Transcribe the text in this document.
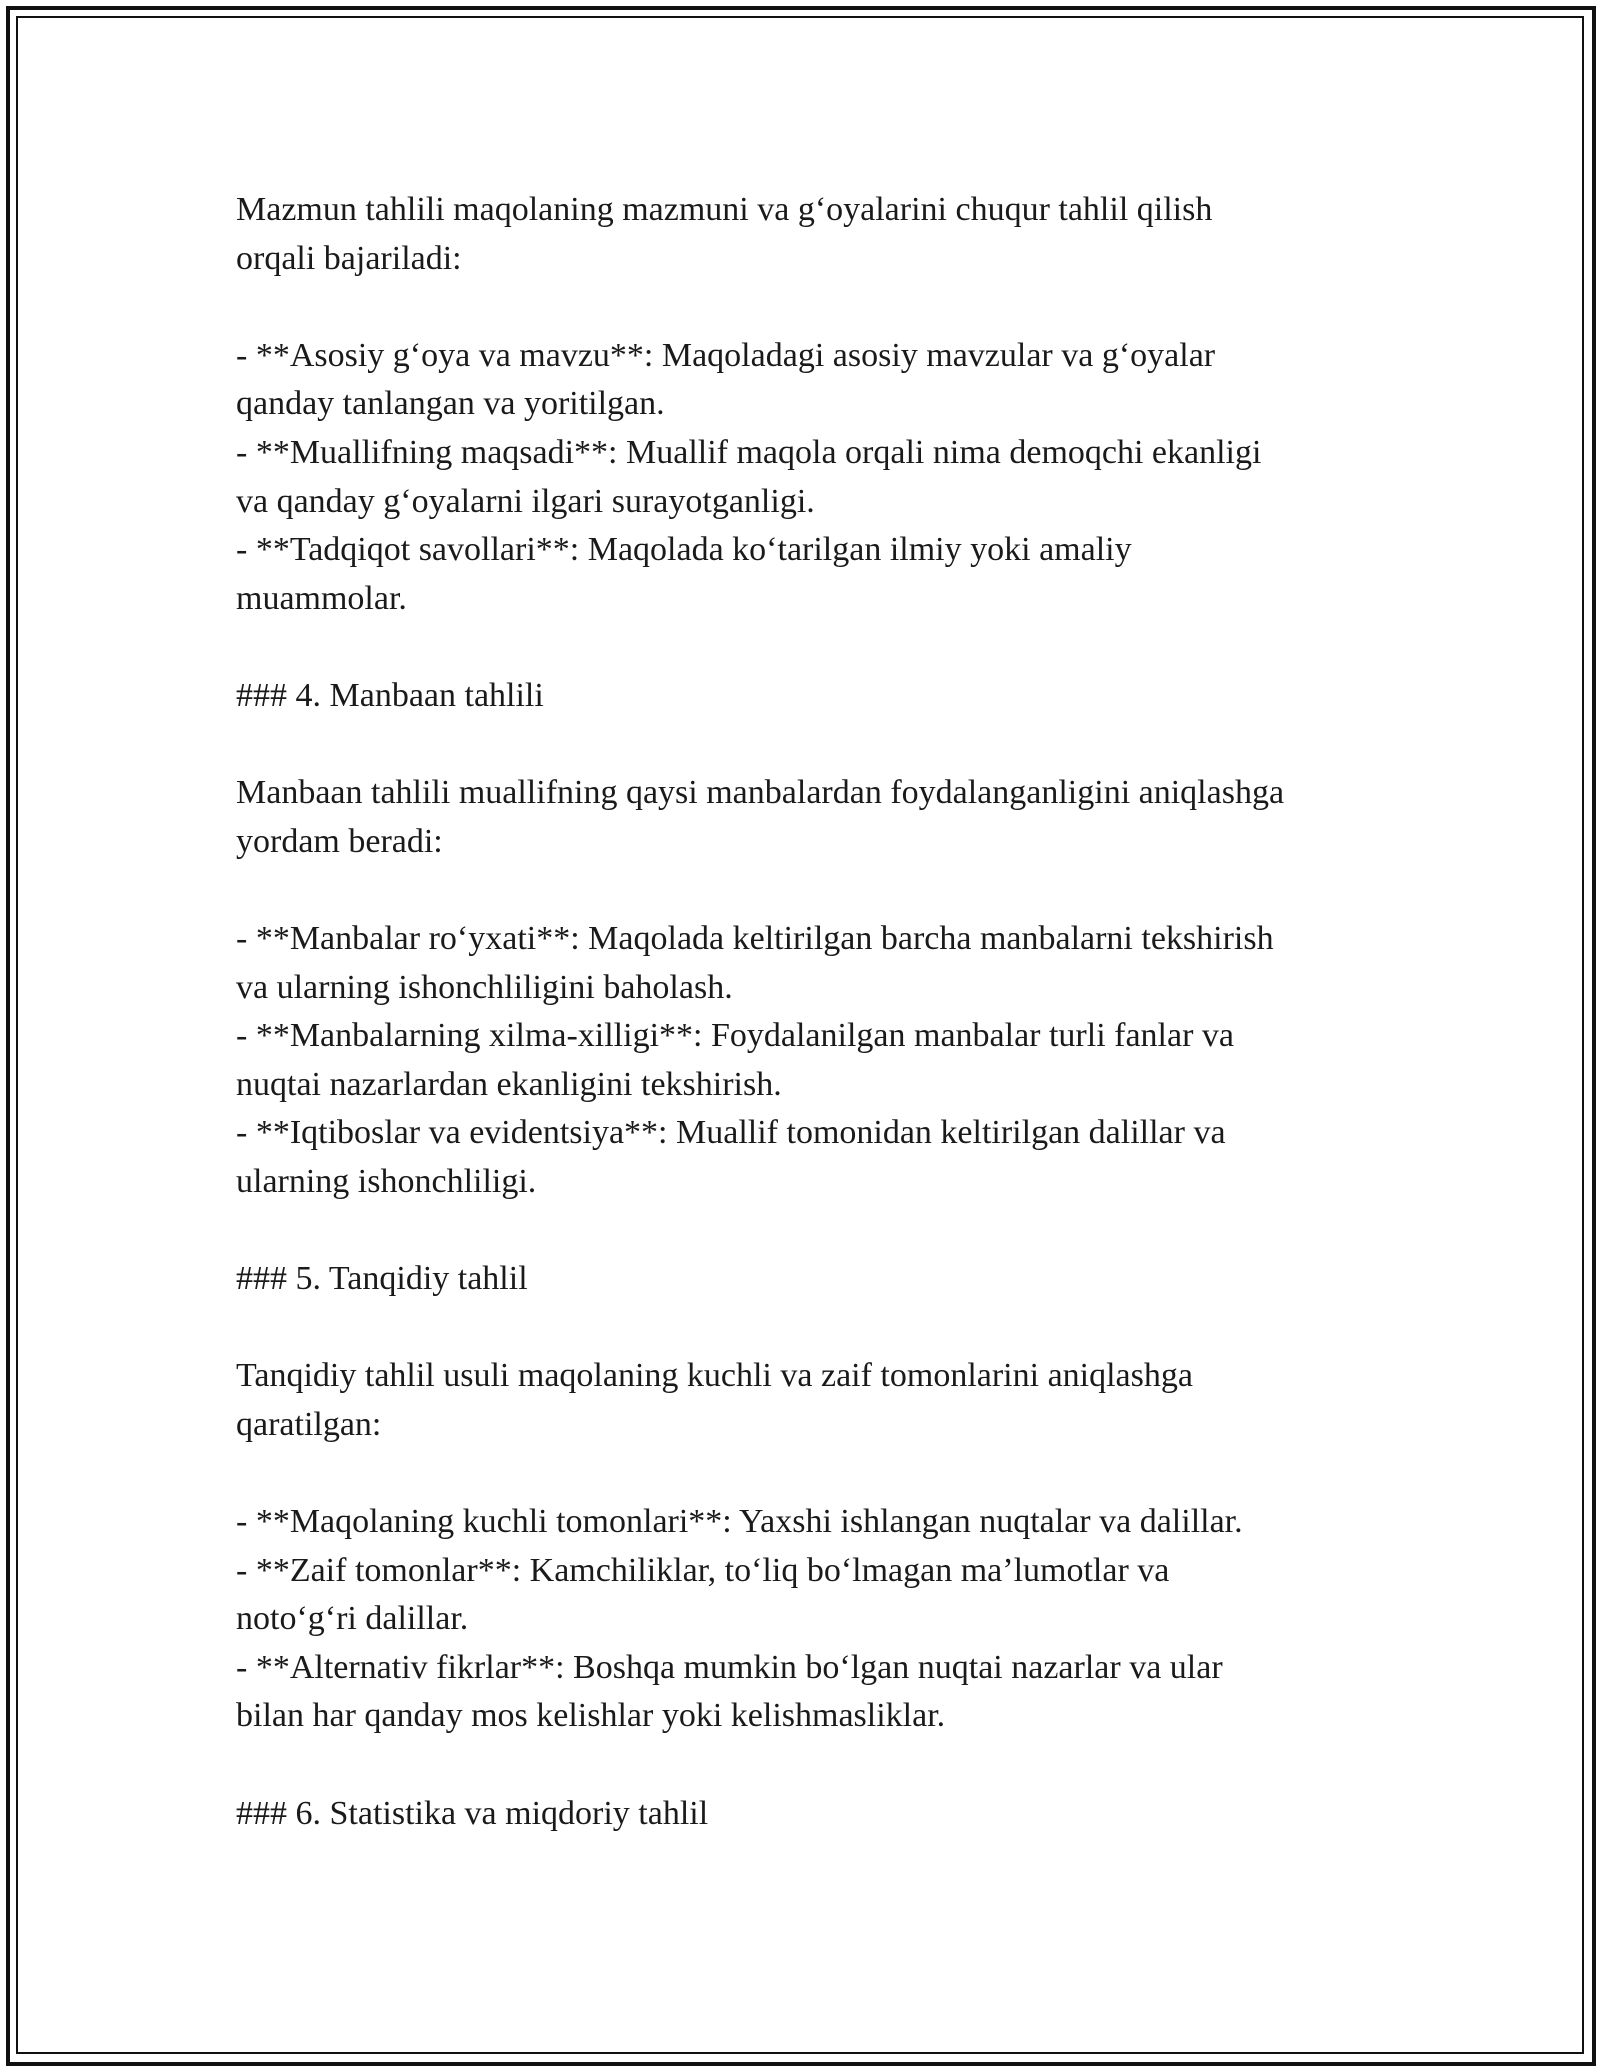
Mazmun tahlili maqolaning mazmuni va g‘oyalarini chuqur tahlil qilish
orqali bajariladi:
- **Asosiy g‘oya va mavzu**: Maqoladagi asosiy mavzular va g‘oyalar
qanday tanlangan va yoritilgan.
- **Muallifning maqsadi**: Muallif maqola orqali nima demoqchi ekanligi
va qanday g‘oyalarni ilgari surayotganligi.
- **Tadqiqot savollari**: Maqolada ko‘tarilgan ilmiy yoki amaliy
muammolar.
### 4. Manbaan tahlili
Manbaan tahlili muallifning qaysi manbalardan foydalanganligini aniqlashga
yordam beradi:
- **Manbalar ro‘yxati**: Maqolada keltirilgan barcha manbalarni tekshirish
va ularning ishonchliligini baholash.
- **Manbalarning xilma-xilligi**: Foydalanilgan manbalar turli fanlar va
nuqtai nazarlardan ekanligini tekshirish.
- **Iqtiboslar va evidentsiya**: Muallif tomonidan keltirilgan dalillar va
ularning ishonchliligi.
### 5. Tanqidiy tahlil
Tanqidiy tahlil usuli maqolaning kuchli va zaif tomonlarini aniqlashga
qaratilgan:
- **Maqolaning kuchli tomonlari**: Yaxshi ishlangan nuqtalar va dalillar.
- **Zaif tomonlar**: Kamchiliklar, to‘liq bo‘lmagan ma’lumotlar va
noto‘g‘ri dalillar.
- **Alternativ fikrlar**: Boshqa mumkin bo‘lgan nuqtai nazarlar va ular
bilan har qanday mos kelishlar yoki kelishmasliklar.
### 6. Statistika va miqdoriy tahlil
